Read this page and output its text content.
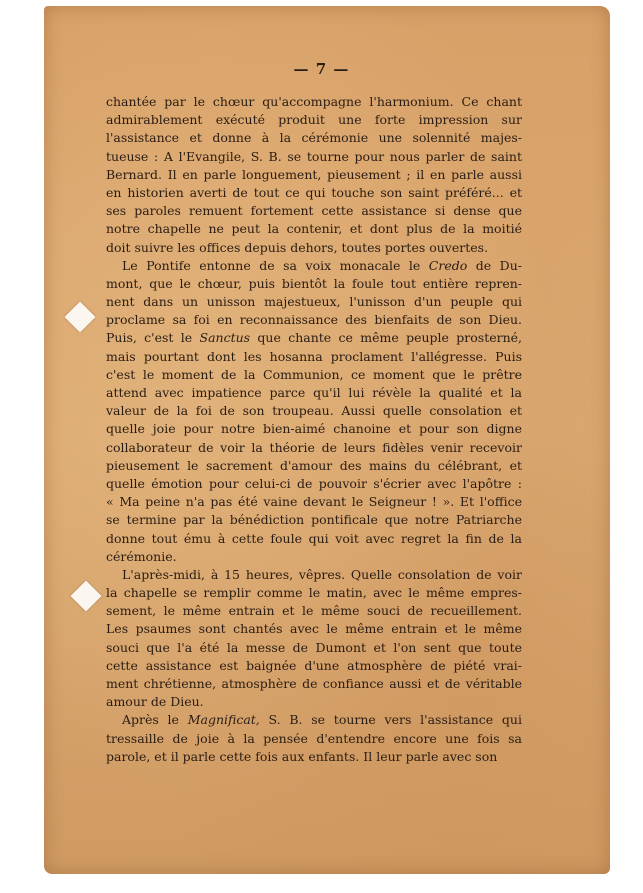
— 7 —
chantée par le chœur qu'accompagne l'harmonium. Ce chant
admirablement exécuté produit une forte impression sur
l'assistance et donne à la cérémonie une solennité majes-
tueuse : A l'Evangile, S. B. se tourne pour nous parler de saint
Bernard. Il en parle longuement, pieusement ; il en parle aussi
en historien averti de tout ce qui touche son saint préféré... et
ses paroles remuent fortement cette assistance si dense que
notre chapelle ne peut la contenir, et dont plus de la moitié
doit suivre les offices depuis dehors, toutes portes ouvertes.
Le Pontife entonne de sa voix monacale le Credo de Du-
mont, que le chœur, puis bientôt la foule tout entière repren-
nent dans un unisson majestueux, l'unisson d'un peuple qui
proclame sa foi en reconnaissance des bienfaits de son Dieu.
Puis, c'est le Sanctus que chante ce même peuple prosterné,
mais pourtant dont les hosanna proclament l'allégresse. Puis
c'est le moment de la Communion, ce moment que le prêtre
attend avec impatience parce qu'il lui révèle la qualité et la
valeur de la foi de son troupeau. Aussi quelle consolation et
quelle joie pour notre bien-aimé chanoine et pour son digne
collaborateur de voir la théorie de leurs fidèles venir recevoir
pieusement le sacrement d'amour des mains du célébrant, et
quelle émotion pour celui-ci de pouvoir s'écrier avec l'apôtre :
« Ma peine n'a pas été vaine devant le Seigneur ! ». Et l'office
se termine par la bénédiction pontificale que notre Patriarche
donne tout ému à cette foule qui voit avec regret la fin de la
cérémonie.
L'après-midi, à 15 heures, vêpres. Quelle consolation de voir
la chapelle se remplir comme le matin, avec le même empres-
sement, le même entrain et le même souci de recueillement.
Les psaumes sont chantés avec le même entrain et le même
souci que l'a été la messe de Dumont et l'on sent que toute
cette assistance est baignée d'une atmosphère de piété vrai-
ment chrétienne, atmosphère de confiance aussi et de véritable
amour de Dieu.
Après le Magnificat, S. B. se tourne vers l'assistance qui
tressaille de joie à la pensée d'entendre encore une fois sa
parole, et il parle cette fois aux enfants. Il leur parle avec son
